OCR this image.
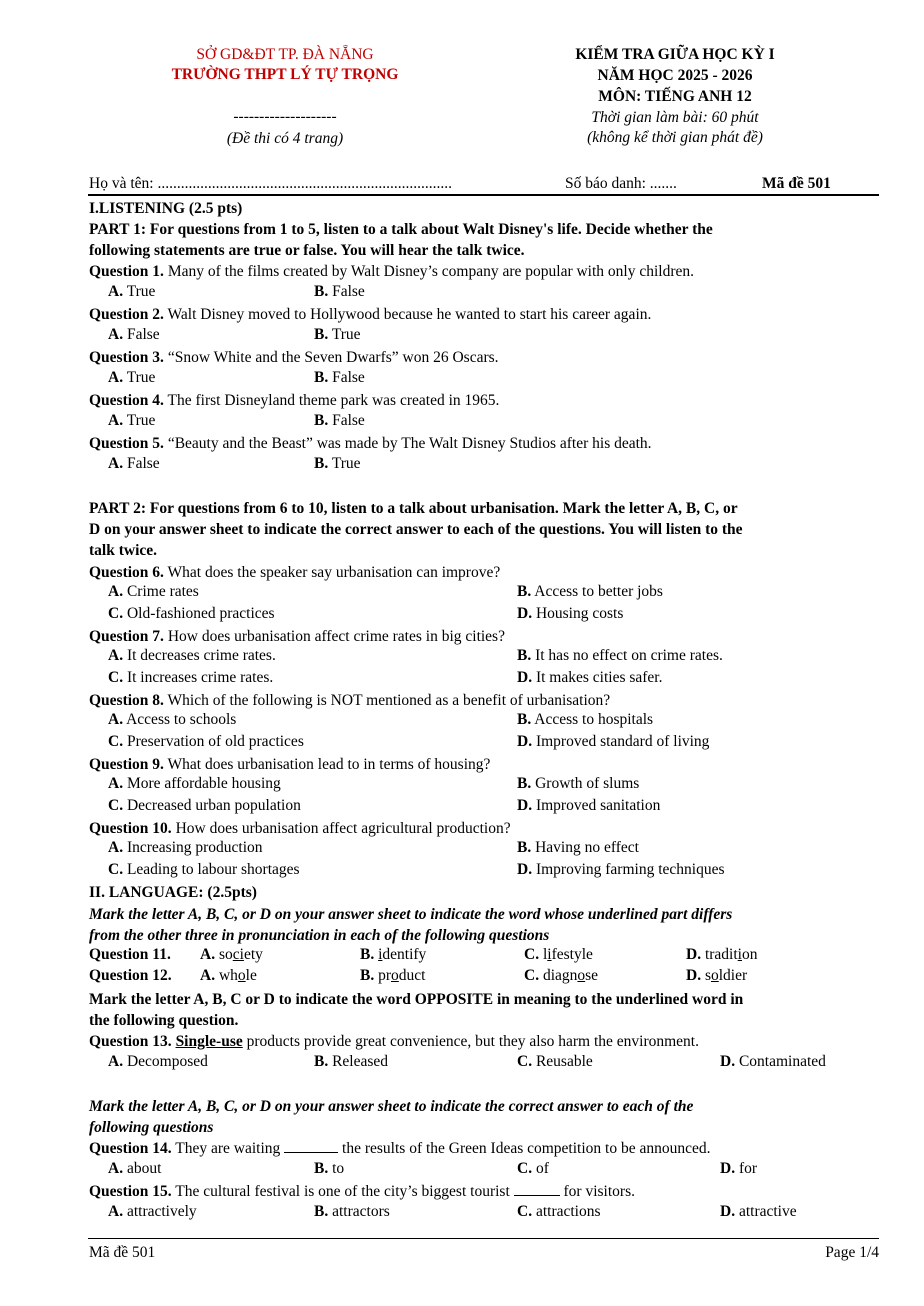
SỞ GD&ĐT TP. ĐÀ NẴNG
TRƯỜNG THPT LÝ TỰ TRỌNG
--------------------
(Đề thi có 4 trang)
KIỂM TRA GIỮA HỌC KỲ I
NĂM HỌC 2025 - 2026
MÔN: TIẾNG ANH 12
Thời gian làm bài: 60 phút
(không kể thời gian phát đề)
Họ và tên: ............................................................................	Số báo danh: .......	Mã đề 501
I.LISTENING (2.5 pts)
PART 1: For questions from 1 to 5, listen to a talk about Walt Disney's life. Decide whether the
following statements are true or false. You will hear the talk twice.
Question 1. Many of the films created by Walt Disney’s company are popular with only children.
A. True	B. False
Question 2. Walt Disney moved to Hollywood because he wanted to start his career again.
A. False	B. True
Question 3. “Snow White and the Seven Dwarfs” won 26 Oscars.
A. True	B. False
Question 4. The first Disneyland theme park was created in 1965.
A. True	B. False
Question 5. “Beauty and the Beast” was made by The Walt Disney Studios after his death.
A. False	B. True
PART 2: For questions from 6 to 10, listen to a talk about urbanisation. Mark the letter A, B, C, or
D on your answer sheet to indicate the correct answer to each of the questions. You will listen to the
talk twice.
Question 6. What does the speaker say urbanisation can improve?
A. Crime rates	B. Access to better jobs
C. Old-fashioned practices	D. Housing costs
Question 7. How does urbanisation affect crime rates in big cities?
A. It decreases crime rates.	B. It has no effect on crime rates.
C. It increases crime rates.	D. It makes cities safer.
Question 8. Which of the following is NOT mentioned as a benefit of urbanisation?
A. Access to schools	B. Access to hospitals
C. Preservation of old practices	D. Improved standard of living
Question 9. What does urbanisation lead to in terms of housing?
A. More affordable housing	B. Growth of slums
C. Decreased urban population	D. Improved sanitation
Question 10. How does urbanisation affect agricultural production?
A. Increasing production	B. Having no effect
C. Leading to labour shortages	D. Improving farming techniques
II. LANGUAGE: (2.5pts)
Mark the letter A, B, C, or D on your answer sheet to indicate the word whose underlined part differs
from the other three in pronunciation in each of the following questions
Question 11. A. society	B. identify	C. lifestyle	D. tradition
Question 12. A. whole	B. product	C. diagnose	D. soldier
Mark the letter A, B, C or D to indicate the word OPPOSITE in meaning to the underlined word in
the following question.
Question 13. Single-use products provide great convenience, but they also harm the environment.
A. Decomposed	B. Released	C. Reusable	D. Contaminated
Mark the letter A, B, C, or D on your answer sheet to indicate the correct answer to each of the
following questions
Question 14. They are waiting	the results of the Green Ideas competition to be announced.
A. about	B. to	C. of	D. for
Question 15. The cultural festival is one of the city’s biggest tourist	for visitors.
A. attractively	B. attractors	C. attractions	D. attractive
Mã đề 501	Page 1/4
